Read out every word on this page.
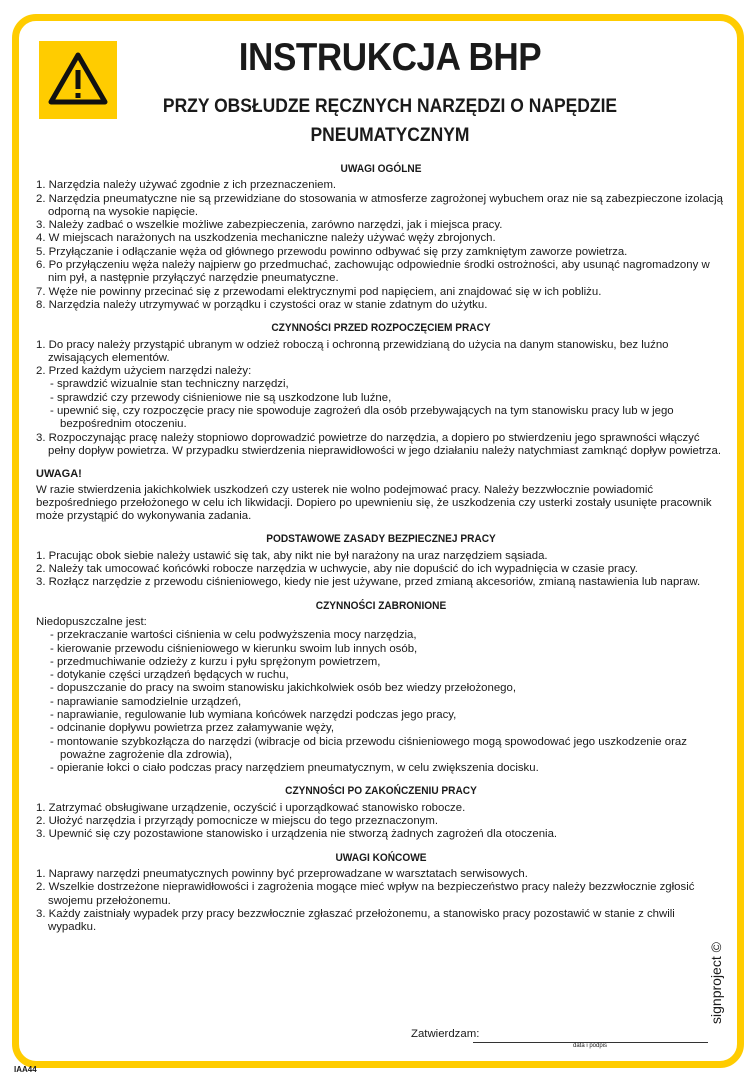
INSTRUKCJA BHP
PRZY OBSŁUDZE RĘCZNYCH NARZĘDZI O NAPĘDZIE
PNEUMATYCZNYM
UWAGI OGÓLNE
1. Narzędzia należy używać zgodnie z ich przeznaczeniem.
2. Narzędzia pneumatyczne nie są przewidziane do stosowania w atmosferze zagrożonej wybuchem oraz nie są zabezpieczone izolacją odporną na wysokie napięcie.
3. Należy zadbać o wszelkie możliwe zabezpieczenia, zarówno narzędzi, jak i miejsca pracy.
4. W miejscach narażonych na uszkodzenia mechaniczne należy używać węży zbrojonych.
5. Przyłączanie i odłączanie węża od głównego przewodu powinno odbywać się przy zamkniętym zaworze powietrza.
6. Po przyłączeniu węża należy najpierw go przedmuchać, zachowując odpowiednie środki ostrożności, aby usunąć nagromadzony w nim pył, a następnie przyłączyć narzędzie pneumatyczne.
7. Węże nie powinny przecinać się z przewodami elektrycznymi pod napięciem, ani znajdować się w ich pobliżu.
8. Narzędzia należy utrzymywać w porządku i czystości oraz w stanie zdatnym do użytku.
CZYNNOŚCI PRZED ROZPOCZĘCIEM PRACY
1. Do pracy należy przystąpić ubranym w odzież roboczą i ochronną przewidzianą do użycia na danym stanowisku, bez luźno zwisających elementów.
2. Przed każdym użyciem narzędzi należy:
- sprawdzić wizualnie stan techniczny narzędzi,
- sprawdzić czy przewody ciśnieniowe nie są uszkodzone lub luźne,
- upewnić się, czy rozpoczęcie pracy nie spowoduje zagrożeń dla osób przebywających na tym stanowisku pracy lub w jego bezpośrednim otoczeniu.
3. Rozpoczynając pracę należy stopniowo doprowadzić powietrze do narzędzia, a dopiero po stwierdzeniu jego sprawności włączyć pełny dopływ powietrza. W przypadku stwierdzenia nieprawidłowości w jego działaniu należy natychmiast zamknąć dopływ powietrza.
UWAGA!
W razie stwierdzenia jakichkolwiek uszkodzeń czy usterek nie wolno podejmować pracy. Należy bezzwłocznie powiadomić bezpośredniego przełożonego w celu ich likwidacji. Dopiero po upewnieniu się, że uszkodzenia czy usterki zostały usunięte pracownik może przystąpić do wykonywania zadania.
PODSTAWOWE ZASADY BEZPIECZNEJ PRACY
1. Pracując obok siebie należy ustawić się tak, aby nikt nie był narażony na uraz narzędziem sąsiada.
2. Należy tak umocować końcówki robocze narzędzia w uchwycie, aby nie dopuścić do ich wypadnięcia w czasie pracy.
3. Rozłącz narzędzie z przewodu ciśnieniowego, kiedy nie jest używane, przed zmianą akcesoriów, zmianą nastawienia lub napraw.
CZYNNOŚCI ZABRONIONE
Niedopuszczalne jest:
- przekraczanie wartości ciśnienia w celu podwyższenia mocy narzędzia,
- kierowanie przewodu ciśnieniowego w kierunku swoim lub innych osób,
- przedmuchiwanie odzieży z kurzu i pyłu sprężonym powietrzem,
- dotykanie części urządzeń będących w ruchu,
- dopuszczanie do pracy na swoim stanowisku jakichkolwiek osób bez wiedzy przełożonego,
- naprawianie samodzielnie urządzeń,
- naprawianie, regulowanie lub wymiana końcówek narzędzi podczas jego pracy,
- odcinanie dopływu powietrza przez załamywanie węży,
- montowanie szybkozłącza do narzędzi (wibracje od bicia przewodu ciśnieniowego mogą spowodować jego uszkodzenie oraz poważne zagrożenie dla zdrowia),
- opieranie łokci o ciało podczas pracy narzędziem pneumatycznym, w celu zwiększenia docisku.
CZYNNOŚCI PO ZAKOŃCZENIU PRACY
1. Zatrzymać obsługiwane urządzenie, oczyścić i uporządkować stanowisko robocze.
2. Ułożyć narzędzia i przyrządy pomocnicze w miejscu do tego przeznaczonym.
3. Upewnić się czy pozostawione stanowisko i urządzenia nie stworzą żadnych zagrożeń dla otoczenia.
UWAGI KOŃCOWE
1. Naprawy narzędzi pneumatycznych powinny być przeprowadzane w warsztatach serwisowych.
2. Wszelkie dostrzeżone nieprawidłowości i zagrożenia mogące mieć wpływ na bezpieczeństwo pracy należy bezzwłocznie zgłosić swojemu przełożonemu.
3. Każdy zaistniały wypadek przy pracy bezzwłocznie zgłaszać przełożonemu, a stanowisko pracy pozostawić w stanie z chwili wypadku.
Zatwierdzam:
data i podpis
IAA44
signproject ©
